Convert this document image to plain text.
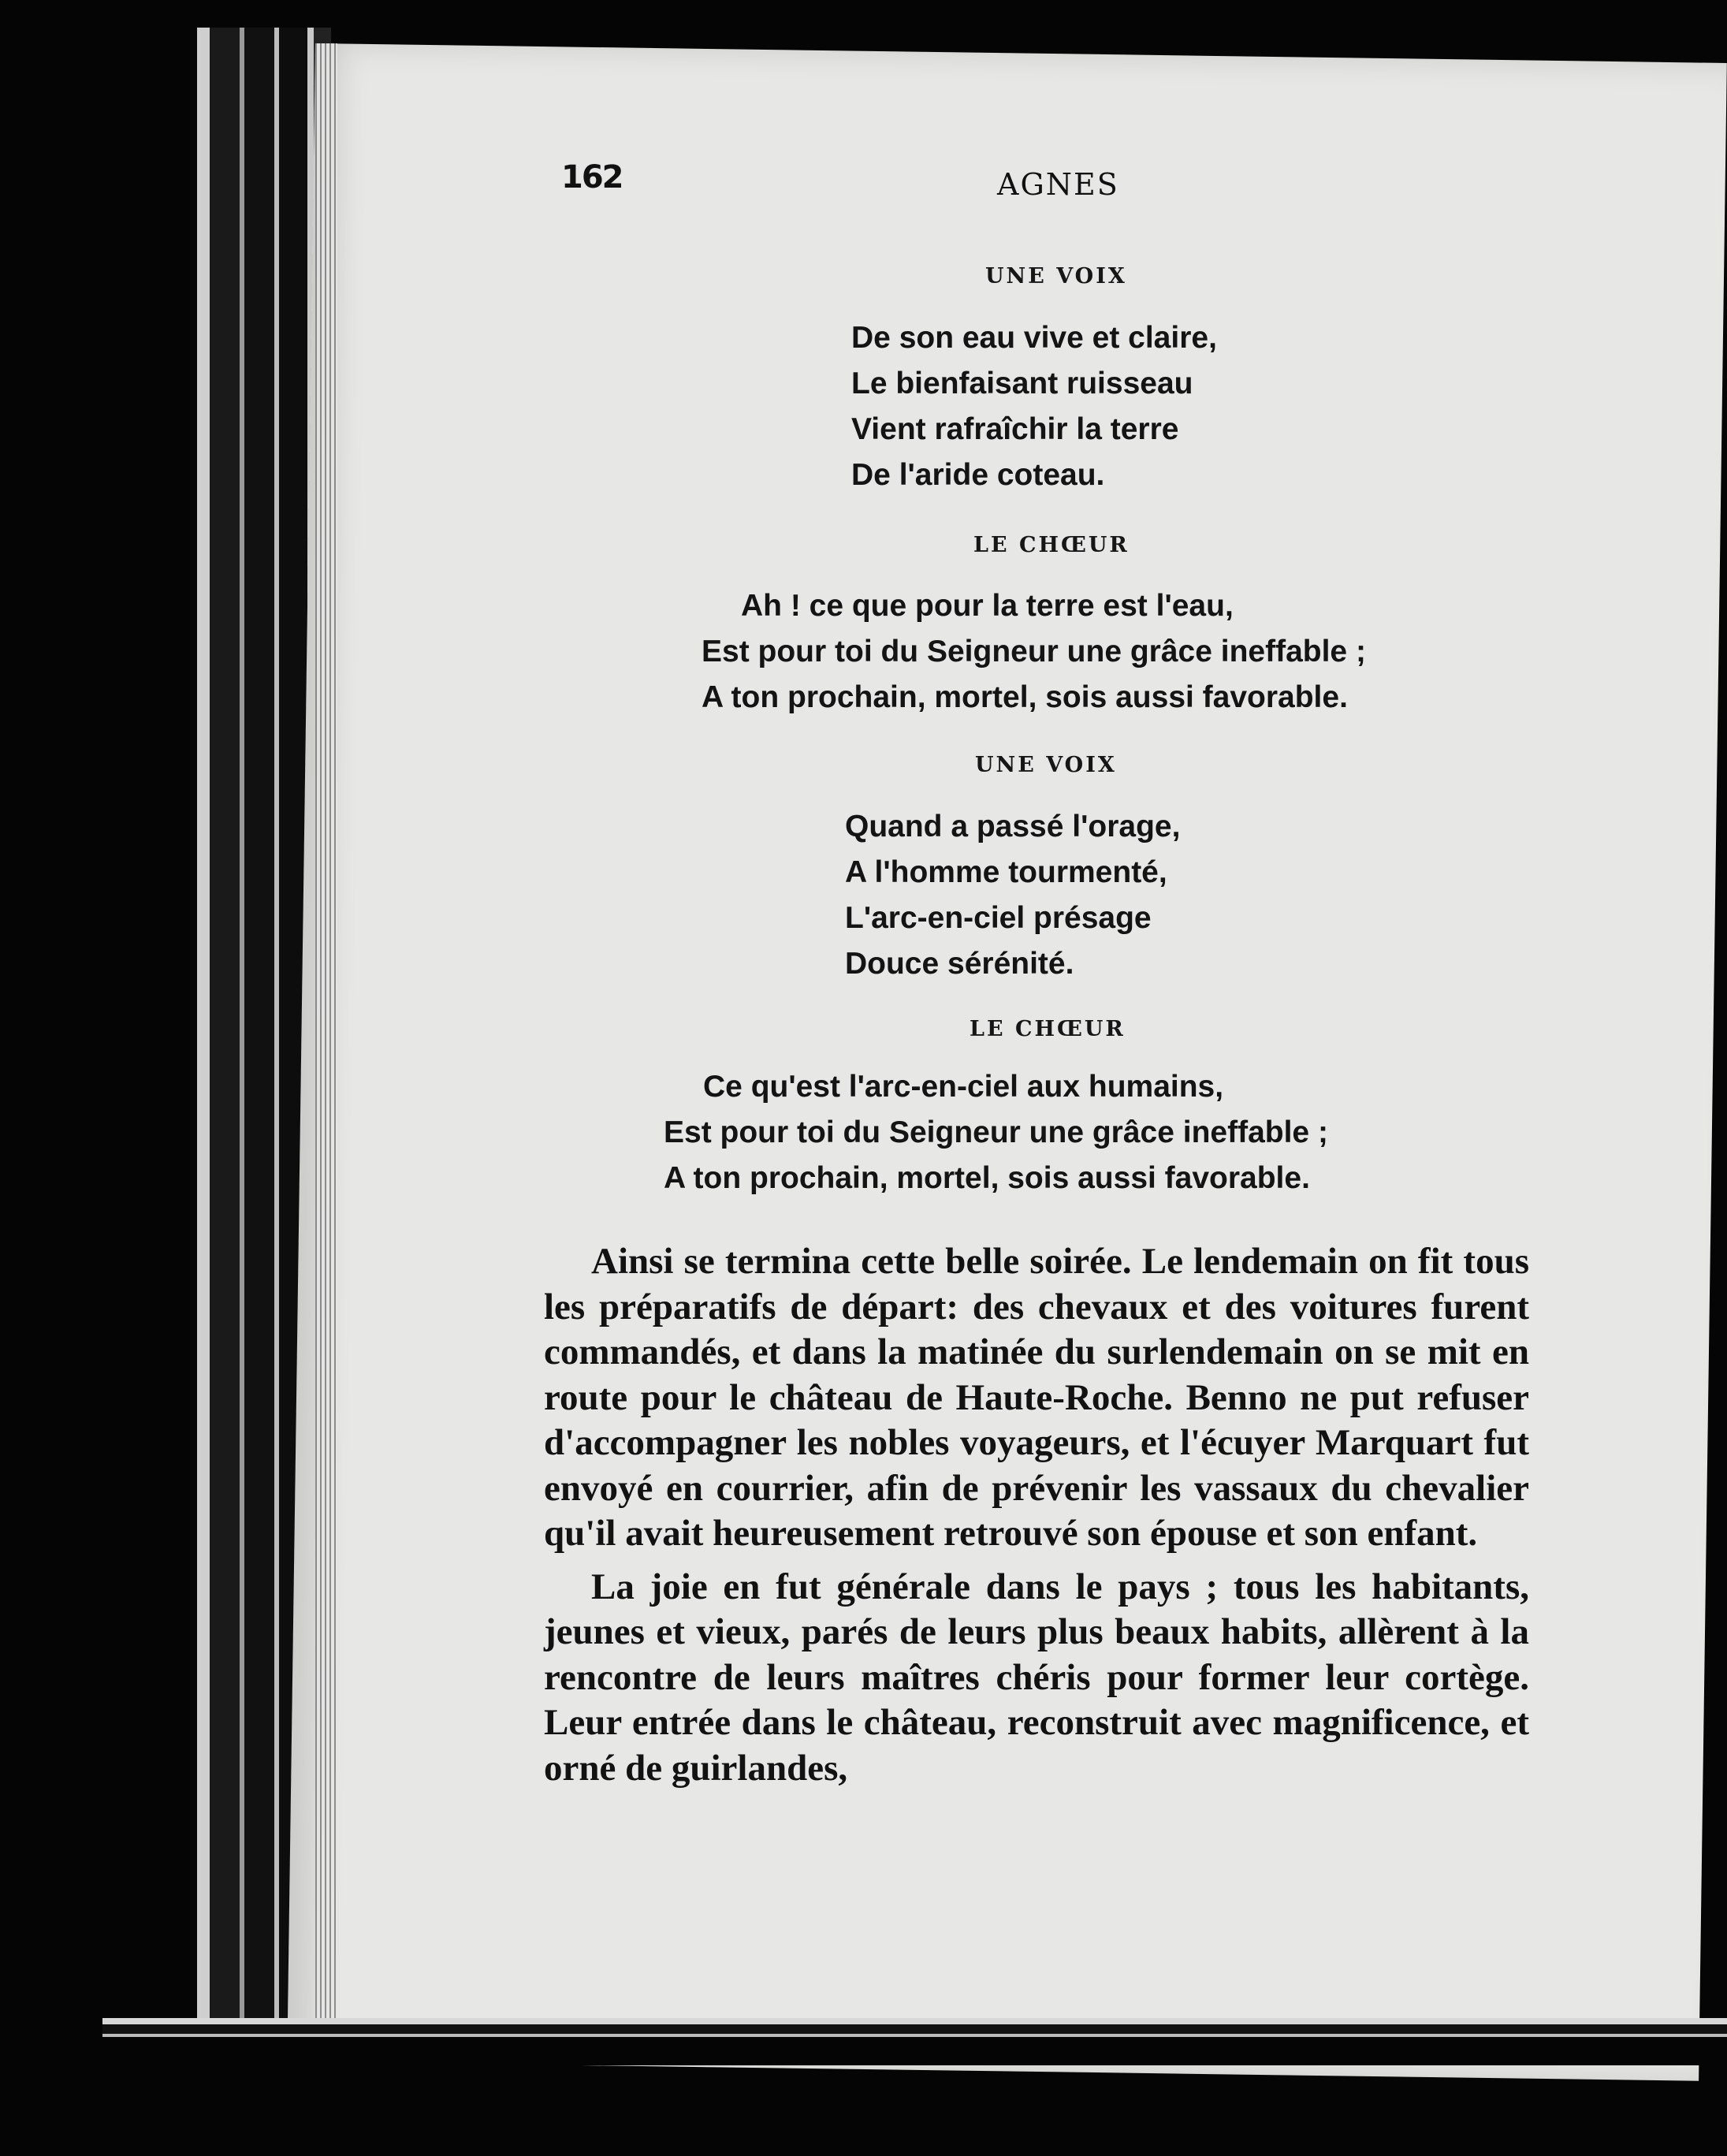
162	AGNES
UNE VOIX
De son eau vive et claire,
Le bienfaisant ruisseau
Vient rafraîchir la terre
De l'aride coteau.
LE CHŒUR
Ah ! ce que pour la terre est l'eau,
Est pour toi du Seigneur une grâce ineffable ;
A ton prochain, mortel, sois aussi favorable.
UNE VOIX
Quand a passé l'orage,
A l'homme tourmenté,
L'arc-en-ciel présage
Douce sérénité.
LE CHŒUR
Ce qu'est l'arc-en-ciel aux humains,
Est pour toi du Seigneur une grâce ineffable ;
A ton prochain, mortel, sois aussi favorable.

Ainsi se termina cette belle soirée. Le lendemain on fit tous les préparatifs de départ: des chevaux et des voitures furent commandés, et dans la matinée du surlendemain on se mit en route pour le château de Haute-Roche. Benno ne put refuser d'accompagner les nobles voyageurs, et l'écuyer Marquart fut envoyé en courrier, afin de prévenir les vassaux du chevalier qu'il avait heureusement retrouvé son épouse et son enfant.

La joie en fut générale dans le pays ; tous les habitants, jeunes et vieux, parés de leurs plus beaux habits, allèrent à la rencontre de leurs maîtres chéris pour former leur cortège. Leur entrée dans le château, reconstruit avec magnificence, et orné de guirlandes,
